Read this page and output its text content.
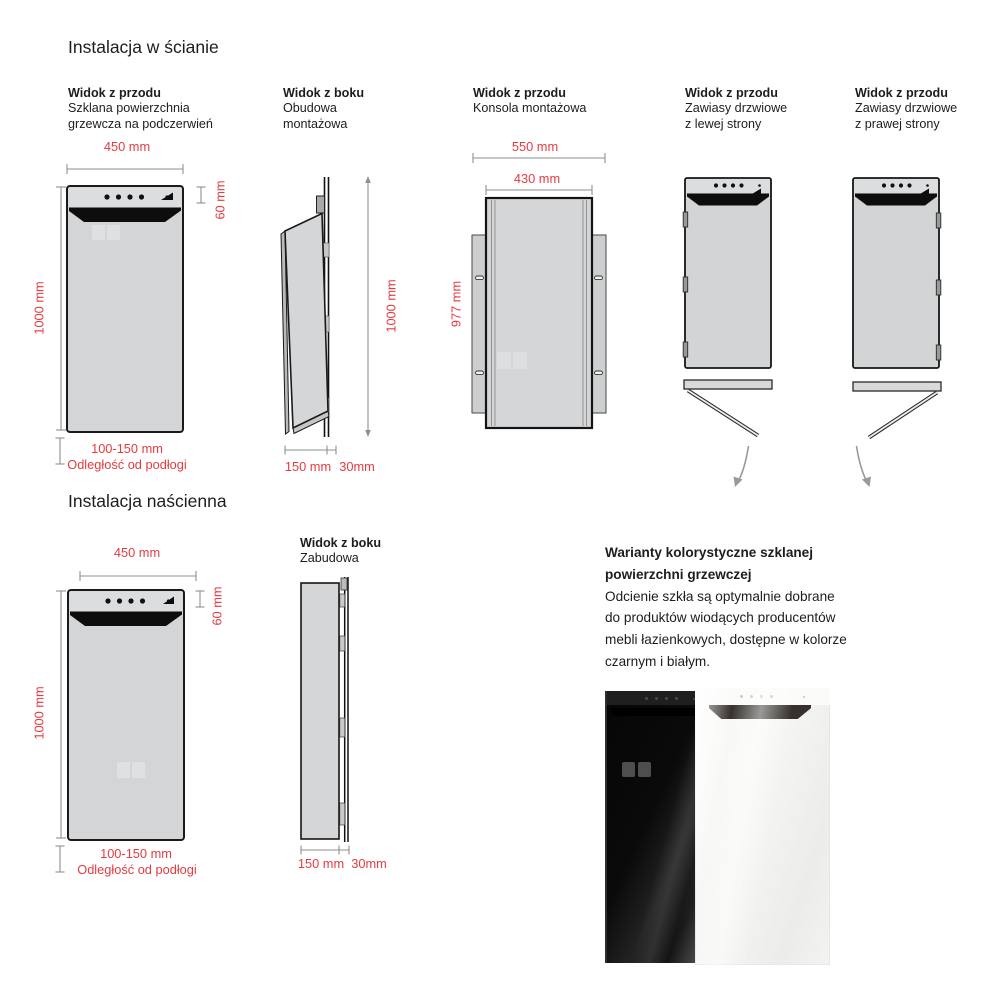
Instalacja w ścianie
Instalacja naścienna
Widok z przodu
Szklana powierzchnia
grzewcza na podczerwień
Widok z boku
Obudowa
montażowa
Widok z przodu
Konsola montażowa
Widok z przodu
Zawiasy drzwiowe
z lewej strony
Widok z przodu
Zawiasy drzwiowe
z prawej strony
Widok z boku
Zabudowa
450 mm
1000 mm
60 mm
100-150 mm
Odległość od podłogi
1000 mm
150 mm 30mm
550 mm
430 mm
977 mm
450 mm
1000 mm
60 mm
100-150 mm
Odległość od podłogi	150 mm 30mm
Warianty kolorystyczne szklanej
powierzchni grzewczej
Odcienie szkła są optymalnie dobrane
do produktów wiodących producentów
mebli łazienkowych, dostępne w kolorze
czarnym i białym.
